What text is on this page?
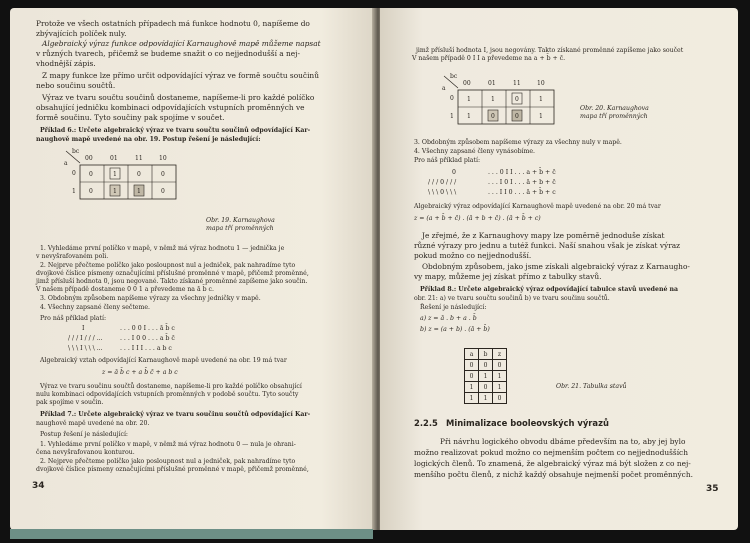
Protože ve všech ostatních případech má funkce hodnotu 0, napíšeme do
zbývajících políček nuly.
Algebraický výraz funkce odpovídající Karnaughově mapě můžeme napsat
v různých tvarech, přičemž se budeme snažit o co nejjednodušší a nej-
vhodnější zápis.
Z mapy funkce lze přímo určit odpovídající výraz ve formě součtu součinů
nebo součinu součtů.
Výraz ve tvaru součtu součinů dostaneme, napíšeme-li pro každé políčko
obsahující jedničku kombinaci odpovídajících vstupních proměnných ve
formě součinu. Tyto součiny pak spojíme v součet.
Příklad 6.: Určete algebraický výraz ve tvaru součtu součinů odpovídající Kar-
naughově mapě uvedené na obr. 19. Postup řešení je následující:
bc
a
00	01	11	10
0
1
0	1	0	0
0	1	1	0
Obr. 19. Karnaughova
mapa tří proměnných
1. Vyhledáme první políčko v mapě, v němž má výraz hodnotu 1 — jedničkа je
v nevyšrafovaném poli.
2. Nejprve přečteme políčko jako posloupnost nul a jedniček, pak nahradíme tyto
dvojkové číslice písmeny označujícími příslušné proměnné v mapě, přičemž proměnné,
jimž přísluší hodnota 0, jsou negované. Takto získané proměnné zapíšeme jako součin.
V našem případě dostaneme 0 0 1 a převedeme na ā b̄ c.
3. Obdobným způsobem napíšeme výrazy za všechny jedničky v mapě.
4. Všechny zapsané členy sečteme.
Pro náš příklad platí:
I	. . . 0 0 I . . . ā b̄ c
/ / / I / / / ...	. . . I 0 0 . . . a b̄ c̄
\ \ \ I \ \ \ ...	. . . I I I . . . a b c
Algebraický vztah odpovídající Karnaughově mapě uvedené na obr. 19 má tvar
z = ā b̄ c + a b̄ c̄ + a b c
Výraz ve tvaru součinu součtů dostaneme, napíšeme-li pro každé políčko obsahující
nulu kombinaci odpovídajících vstupních proměnných v podobě součtu. Tyto součty
pak spojíme v součin.
Příklad 7.: Určete algebraický výraz ve tvaru součinu součtů odpovídající Kar-
naughově mapě uvedené na obr. 20.
Postup řešení je následující:
1. Vyhledáme první políčko v mapě, v němž má výraz hodnotu 0 — nula je ohrani-
čena nevyšrafovanou konturou.
2. Nejprve přečteme políčko jako posloupnost nul a jedniček, pak nahradíme tyto
dvojkové číslice písmeny označujícími příslušné proměnné v mapě, přičemž proměnné,
34
jimž přísluší hodnota I, jsou negovány. Takto získané proměnné zapíšeme jako součet
V našem případě 0 I I a převedeme na a + b̄ + c̄.
bc
a
00	01	11	10
0
1
1	1	0	1
1	0	0	1
Obr. 20. Karnaughova
mapa tří proměnných
3. Obdobným způsobem napíšeme výrazy za všechny nuly v mapě.
4. Všechny zapsané členy vynásobíme.
Pro náš příklad platí:
0	. . . 0 I I . . . a + b̄ + c̄
/ / / 0 / / /	. . . I 0 I . . . ā + b + c̄
\ \ \ 0 \ \ \	. . . I I 0 . . . ā + b̄ + c
Algebraický výraz odpovídající Karnaughově mapě uvedené na obr. 20 má tvar
z = (a + b̄ + c̄) . (ā + b + c̄) . (ā + b̄ + c)
Je zřejmé, že z Karnaughovy mapy lze poměrně jednoduše získat
různé výrazy pro jednu a tutéž funkci. Naší snahou však je získat výraz
pokud možno co nejjednodušší.
Obdobným způsobem, jako jsme získali algebraický výraz z Karnaugho-
vy mapy, můžeme jej získat přímo z tabulky stavů.
Příklad 8.: Určete algebraický výraz odpovídající tabulce stavů uvedené na
obr. 21: a) ve tvaru součtu součinů b) ve tvaru součinu součtů.
Řešení je následující:
a) z = ā . b + a . b̄
b) z = (a + b) . (ā + b̄)
a	b	z
0	0	0
0	1	1
1	0	1
1	1	0
Obr. 21. Tabulka stavů
2.2.5 Minimalizace booleovských výrazů
Při návrhu logického obvodu dbáme především na to, aby jej bylo
možno realizovat pokud možno co nejmenším počtem co nejjednodušších
logických členů. To znamená, že algebraický výraz má být složen z co nej-
menšího počtu členů, z nichž každý obsahuje nejmenší počet proměnných.
35
